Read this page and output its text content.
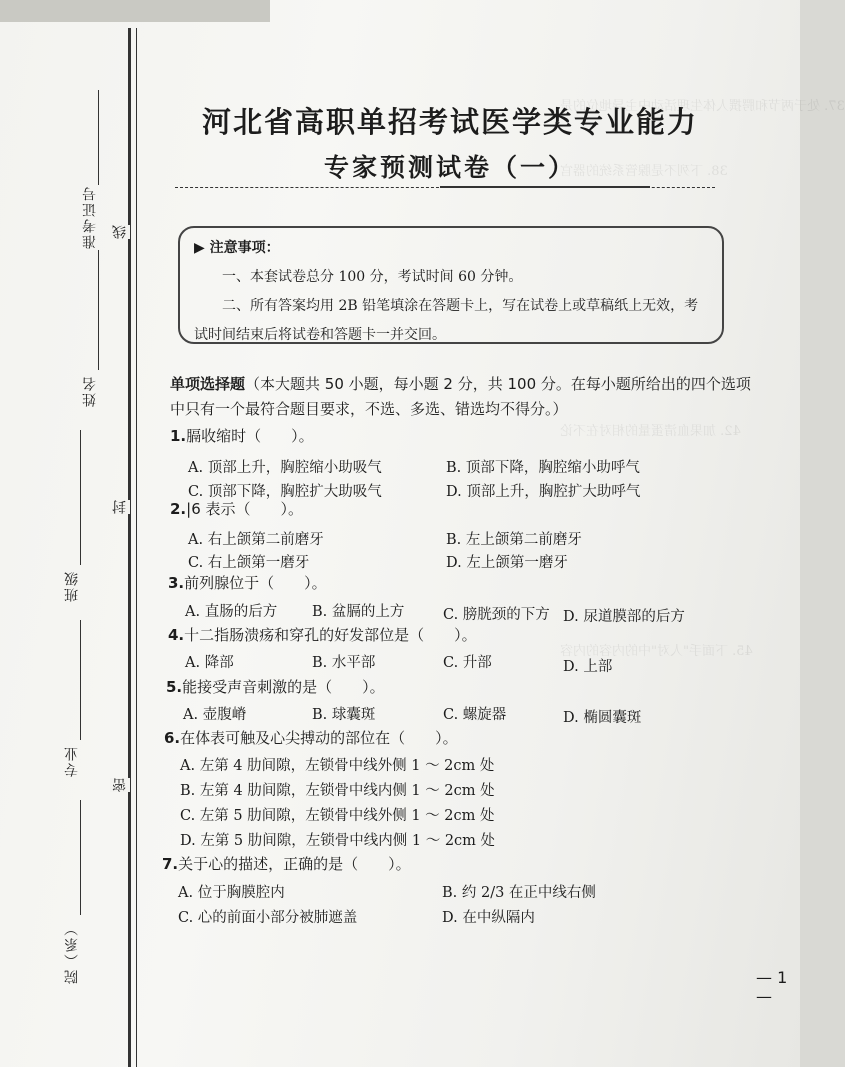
37. 处于两节和腭撰人体生理活动中主导地位的是
38. 下列不是腺管系统的器官
42. 加果血清蛋量的相对在不论
45. 下面手"人对"中的内容的内容
准考证号
姓名
班级
专业
院（系）
线
封
密
河北省高职单招考试医学类专业能力
专家预测试卷（一）

▶ 注意事项：

一、本套试卷总分 100 分，考试时间 60 分钟。

二、所有答案均用 2B 铅笔填涂在答题卡上，写在试卷上或草稿纸上无效，考试时间结束后将试卷和答题卡一并交回。

单项选择题（本大题共 50 小题，每小题 2 分，共 100 分。在每小题所给出的四个选项中只有一个最符合题目要求，不选、多选、错选均不得分。）
1.膈收缩时（　　）。
A. 顶部上升，胸腔缩小助吸气	B. 顶部下降，胸腔缩小助呼气
C. 顶部下降，胸腔扩大助吸气	D. 顶部上升，胸腔扩大助呼气
2.|6 表示（　　）。
A. 右上颌第二前磨牙	B. 左上颌第二前磨牙
C. 右上颌第一磨牙	D. 左上颌第一磨牙
3.前列腺位于（　　）。
A. 直肠的后方 B. 盆膈的上方	C. 膀胱颈的下方 D. 尿道膜部的后方
4.十二指肠溃疡和穿孔的好发部位是（　　）。
A. 降部	B. 水平部	C. 升部	D. 上部
5.能接受声音刺激的是（　　）。
A. 壶腹嵴	B. 球囊斑	C. 螺旋器	D. 椭圆囊斑
6.在体表可触及心尖搏动的部位在（　　）。
A. 左第 4 肋间隙，左锁骨中线外侧 1 ～ 2cm 处
B. 左第 4 肋间隙，左锁骨中线内侧 1 ～ 2cm 处
C. 左第 5 肋间隙，左锁骨中线外侧 1 ～ 2cm 处
D. 左第 5 肋间隙，左锁骨中线内侧 1 ～ 2cm 处
7.关于心的描述，正确的是（　　）。
A. 位于胸膜腔内	B. 约 2/3 在正中线右侧
C. 心的前面小部分被肺遮盖	D. 在中纵隔内
— 1 —
